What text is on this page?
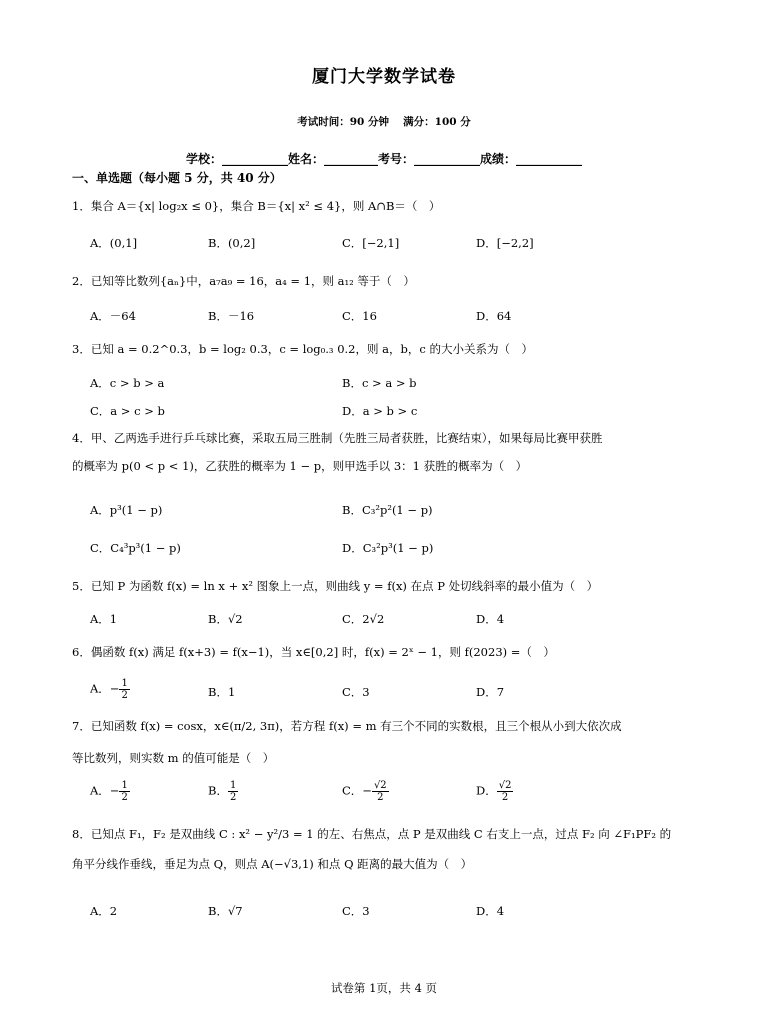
厦门大学数学试卷
考试时间：90 分钟　 满分：100 分
学校：___________姓名：_________考号：___________成绩：___________
一、单选题（每小题 5 分，共 40 分）
1．集合 A＝{x| log₂x ≤ 0}，集合 B＝{x| x² ≤ 4}，则 A∩B＝（　）
A．(0,1]	B．(0,2]	C．[−2,1]	D．[−2,2]
2．已知等比数列{aₙ}中，a₇a₉ = 16，a₄ = 1，则 a₁₂ 等于（　）
A．－64	B．－16	C．16	D．64
3．已知 a = 0.2^0.3，b = log₂ 0.3，c = log₀.₃ 0.2，则 a，b，c 的大小关系为（　）
A．c > b > a	B．c > a > b
C．a > c > b	D．a > b > c
4．甲、乙两选手进行乒乓球比赛，采取五局三胜制（先胜三局者获胜，比赛结束），如果每局比赛甲获胜
的概率为 p(0 < p < 1)，乙获胜的概率为 1 − p，则甲选手以 3：1 获胜的概率为（　）
A．p³(1 − p)	B．C₃²p²(1 − p)
C．C₄³p³(1 − p)	D．C₃²p³(1 − p)
5．已知 P 为函数 f(x) = ln x + x² 图象上一点，则曲线 y = f(x) 在点 P 处切线斜率的最小值为（　）
A．1	B．√2	C．2√2	D．4
6．偶函数 f(x) 满足 f(x+3) = f(x−1)，当 x∈[0,2] 时，f(x) = 2ˣ − 1，则 f(2023) =（　）
A．− $\frac{1}{2}$	B．1	C．3	D．7
7．已知函数 f(x) = cosx，x∈(π/2, 3π)，若方程 f(x) = m 有三个不同的实数根，且三个根从小到大依次成
等比数列，则实数 m 的值可能是（　）
A．− $\frac{1}{2}$	B． $\frac{1}{2}$	C．− $\frac{√2}{2}$	D． $\frac{√2}{2}$
8．已知点 F₁，F₂ 是双曲线 C : x² − y²/3 = 1 的左、右焦点，点 P 是双曲线 C 右支上一点，过点 F₂ 向 ∠F₁PF₂ 的
角平分线作垂线，垂足为点 Q，则点 A(−√3,1) 和点 Q 距离的最大值为（　）
A．2	B．√7	C．3	D．4
试卷第 1页，共 4 页
